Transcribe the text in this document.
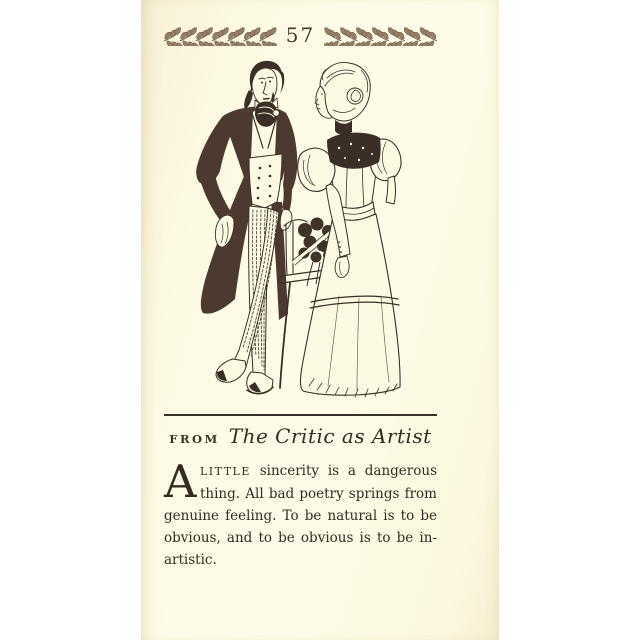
57
FROM The Critic as Artist
A LITTLE sincerity is a dangerous
thing. All bad poetry springs from
genuine feeling. To be natural is to be
obvious, and to be obvious is to be in-
artistic.
